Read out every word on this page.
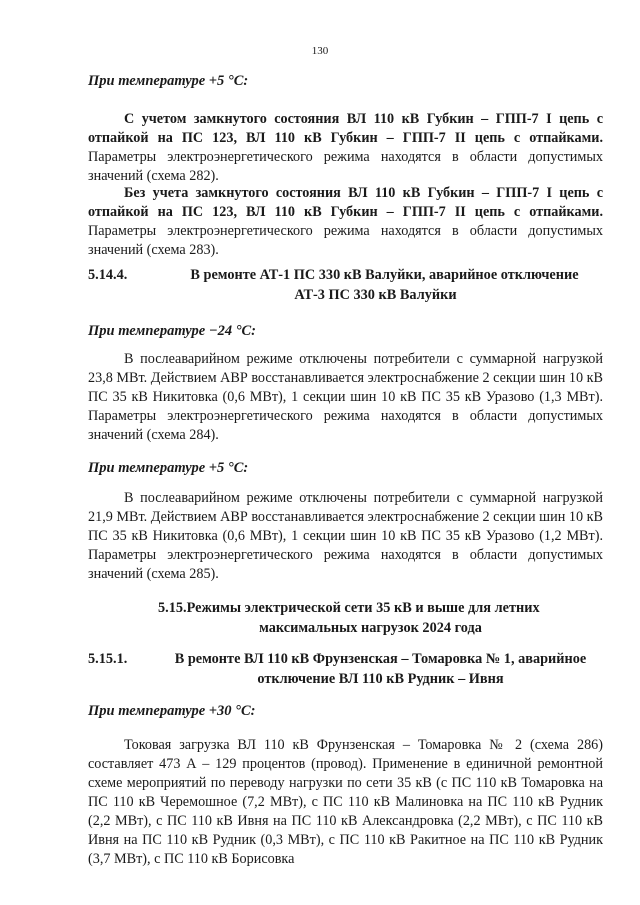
130
При температуре +5 °С:

С учетом замкнутого состояния ВЛ 110 кВ Губкин – ГПП-7 I цепь с отпайкой на ПС 123, ВЛ 110 кВ Губкин – ГПП-7 II цепь с отпайками. Параметры электроэнергетического режима находятся в области допустимых значений (схема 282).

Без учета замкнутого состояния ВЛ 110 кВ Губкин – ГПП-7 I цепь с отпайкой на ПС 123, ВЛ 110 кВ Губкин – ГПП-7 II цепь с отпайками. Параметры электроэнергетического режима находятся в области допустимых значений (схема 283).

5.14.4.	В ремонте АТ-1 ПС 330 кВ Валуйки, аварийное отключение
АТ-3 ПС 330 кВ Валуйки
При температуре −24 °С:

В послеаварийном режиме отключены потребители с суммарной нагрузкой 23,8 МВт. Действием АВР восстанавливается электроснабжение 2 секции шин 10 кВ ПС 35 кВ Никитовка (0,6 МВт), 1 секции шин 10 кВ ПС 35 кВ Уразово (1,3 МВт). Параметры электроэнергетического режима находятся в области допустимых значений (схема 284).

При температуре +5 °С:

В послеаварийном режиме отключены потребители с суммарной нагрузкой 21,9 МВт. Действием АВР восстанавливается электроснабжение 2 секции шин 10 кВ ПС 35 кВ Никитовка (0,6 МВт), 1 секции шин 10 кВ ПС 35 кВ Уразово (1,2 МВт). Параметры электроэнергетического режима находятся в области допустимых значений (схема 285).

5.15.Режимы электрической сети 35 кВ и выше для летних
максимальных нагрузок 2024 года
5.15.1.	В ремонте ВЛ 110 кВ Фрунзенская – Томаровка № 1, аварийное
отключение ВЛ 110 кВ Рудник – Ивня
При температуре +30 °С:

Токовая загрузка ВЛ 110 кВ Фрунзенская – Томаровка № 2 (схема 286) составляет 473 А – 129 процентов (провод). Применение в единичной ремонтной схеме мероприятий по переводу нагрузки по сети 35 кВ (с ПС 110 кВ Томаровка на ПС 110 кВ Черемошное (7,2 МВт), с ПС 110 кВ Малиновка на ПС 110 кВ Рудник (2,2 МВт), с ПС 110 кВ Ивня на ПС 110 кВ Александровка (2,2 МВт), с ПС 110 кВ Ивня на ПС 110 кВ Рудник (0,3 МВт), с ПС 110 кВ Ракитное на ПС 110 кВ Рудник (3,7 МВт), с ПС 110 кВ Борисовка
